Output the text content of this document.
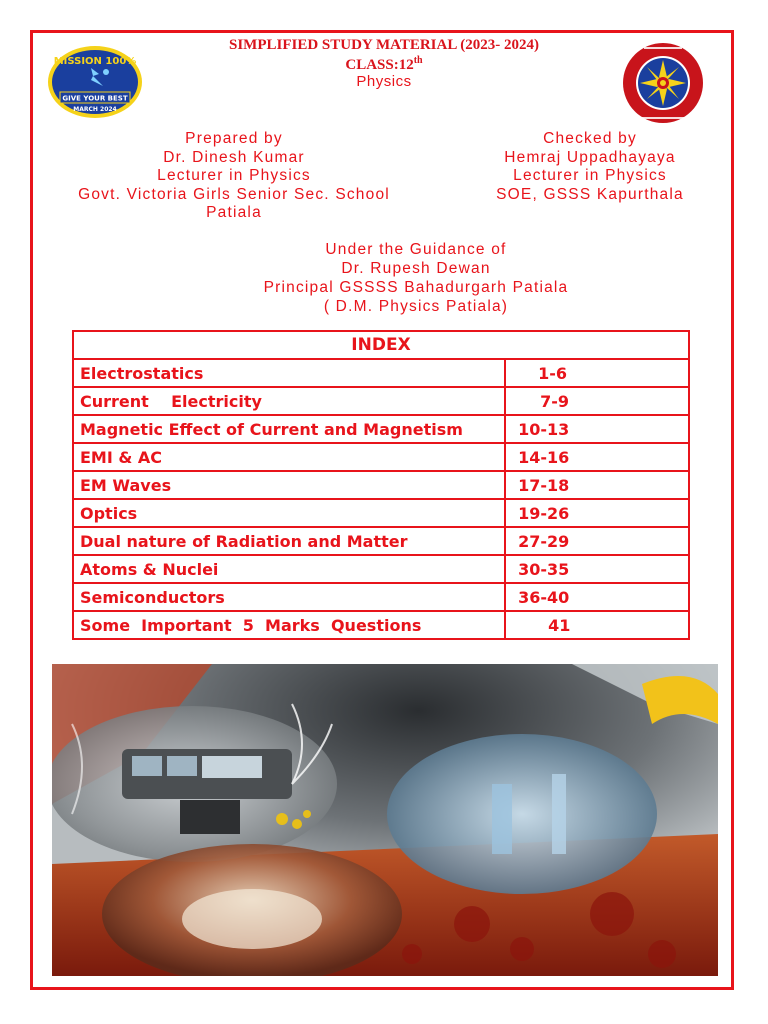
MISSION 100%
GIVE YOUR BEST
MARCH 2024
SIMPLIFIED STUDY MATERIAL (2023- 2024)
CLASS:12th
Physics
Prepared by
Dr. Dinesh Kumar
Lecturer in Physics
Govt. Victoria Girls Senior Sec. School
Patiala
Checked by
Hemraj Uppadhayaya
Lecturer in Physics
SOE, GSSS Kapurthala
Under the Guidance of
Dr. Rupesh Dewan
Principal GSSSS Bahadurgarh Patiala
( D.M. Physics Patiala)
INDEX	
Electrostatics	1-6
Current    Electricity	7-9
Magnetic Effect of Current and Magnetism	10-13
EMI & AC	14-16
EM Waves	17-18
Optics	19-26
Dual nature of Radiation and Matter	27-29
Atoms & Nuclei	30-35
Semiconductors	36-40
Some  Important  5  Marks  Questions	41
